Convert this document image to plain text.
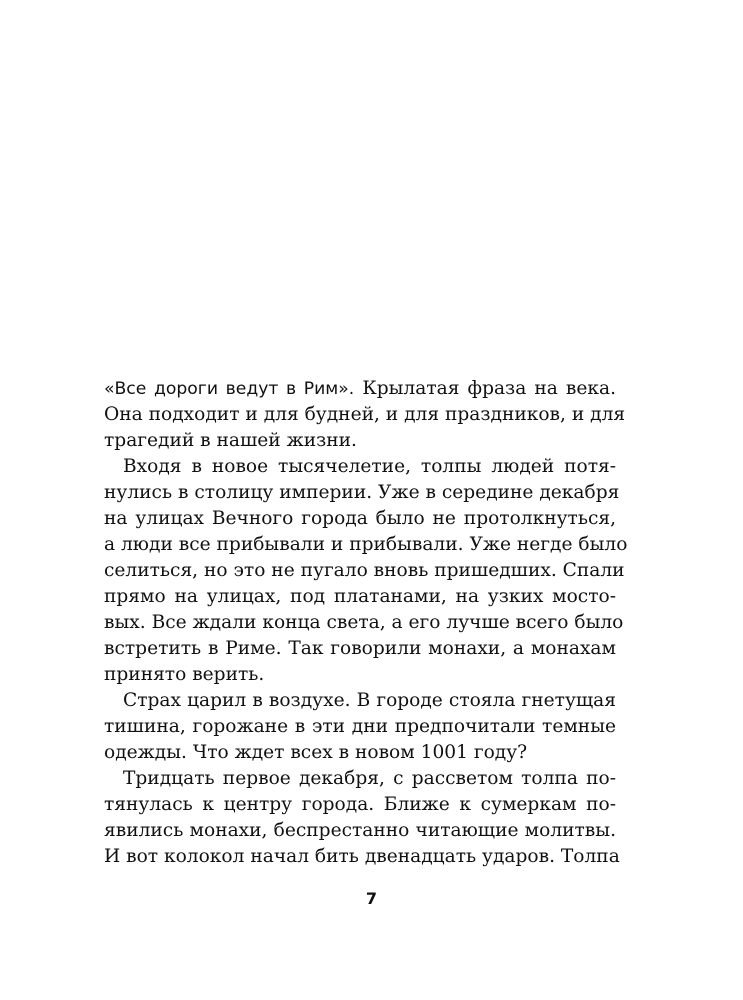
«Все дороги ведут в Рим». Крылатая фраза на века.
Она подходит и для будней, и для праздников, и для
трагедий в нашей жизни.
Входя в новое тысячелетие, толпы людей потя-
нулись в столицу империи. Уже в середине декабря
на улицах Вечного города было не протолкнуться,
а люди все прибывали и прибывали. Уже негде было
селиться, но это не пугало вновь пришедших. Спали
прямо на улицах, под платанами, на узких мосто-
вых. Все ждали конца света, а его лучше всего было
встретить в Риме. Так говорили монахи, а монахам
принято верить.
Страх царил в воздухе. В городе стояла гнетущая
тишина, горожане в эти дни предпочитали темные
одежды. Что ждет всех в новом 1001 году?
Тридцать первое декабря, с рассветом толпа по-
тянулась к центру города. Ближе к сумеркам по-
явились монахи, беспрестанно читающие молитвы.
И вот колокол начал бить двенадцать ударов. Толпа
7
